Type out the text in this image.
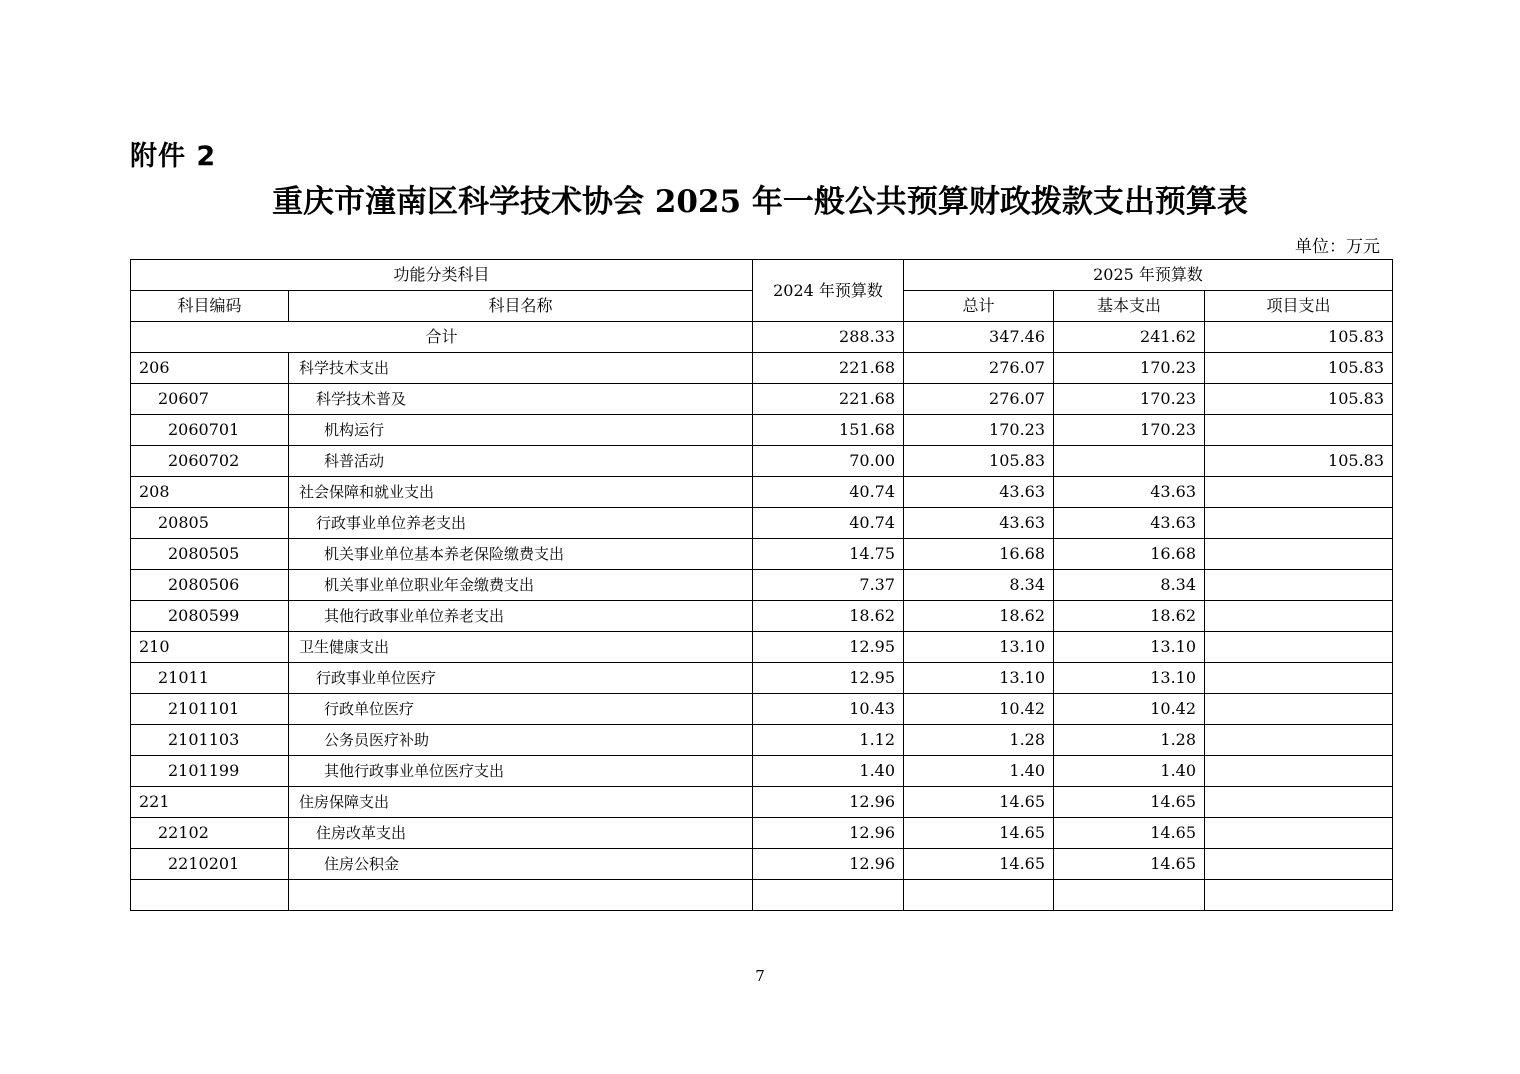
附件 2
重庆市潼南区科学技术协会 2025 年一般公共预算财政拨款支出预算表
单位：万元
功能分类科目		2024 年预算数	2025 年预算数		
科目编码	科目名称		总计	基本支出	项目支出
合计		288.33	347.46	241.62	105.83
206	科学技术支出	221.68	276.07	170.23	105.83
20607	科学技术普及	221.68	276.07	170.23	105.83
2060701	机构运行	151.68	170.23	170.23	
2060702	科普活动	70.00	105.83		105.83
208	社会保障和就业支出	40.74	43.63	43.63	
20805	行政事业单位养老支出	40.74	43.63	43.63	
2080505	机关事业单位基本养老保险缴费支出	14.75	16.68	16.68	
2080506	机关事业单位职业年金缴费支出	7.37	8.34	8.34	
2080599	其他行政事业单位养老支出	18.62	18.62	18.62	
210	卫生健康支出	12.95	13.10	13.10	
21011	行政事业单位医疗	12.95	13.10	13.10	
2101101	行政单位医疗	10.43	10.42	10.42	
2101103	公务员医疗补助	1.12	1.28	1.28	
2101199	其他行政事业单位医疗支出	1.40	1.40	1.40	
221	住房保障支出	12.96	14.65	14.65	
22102	住房改革支出	12.96	14.65	14.65	
2210201	住房公积金	12.96	14.65	14.65	

7
